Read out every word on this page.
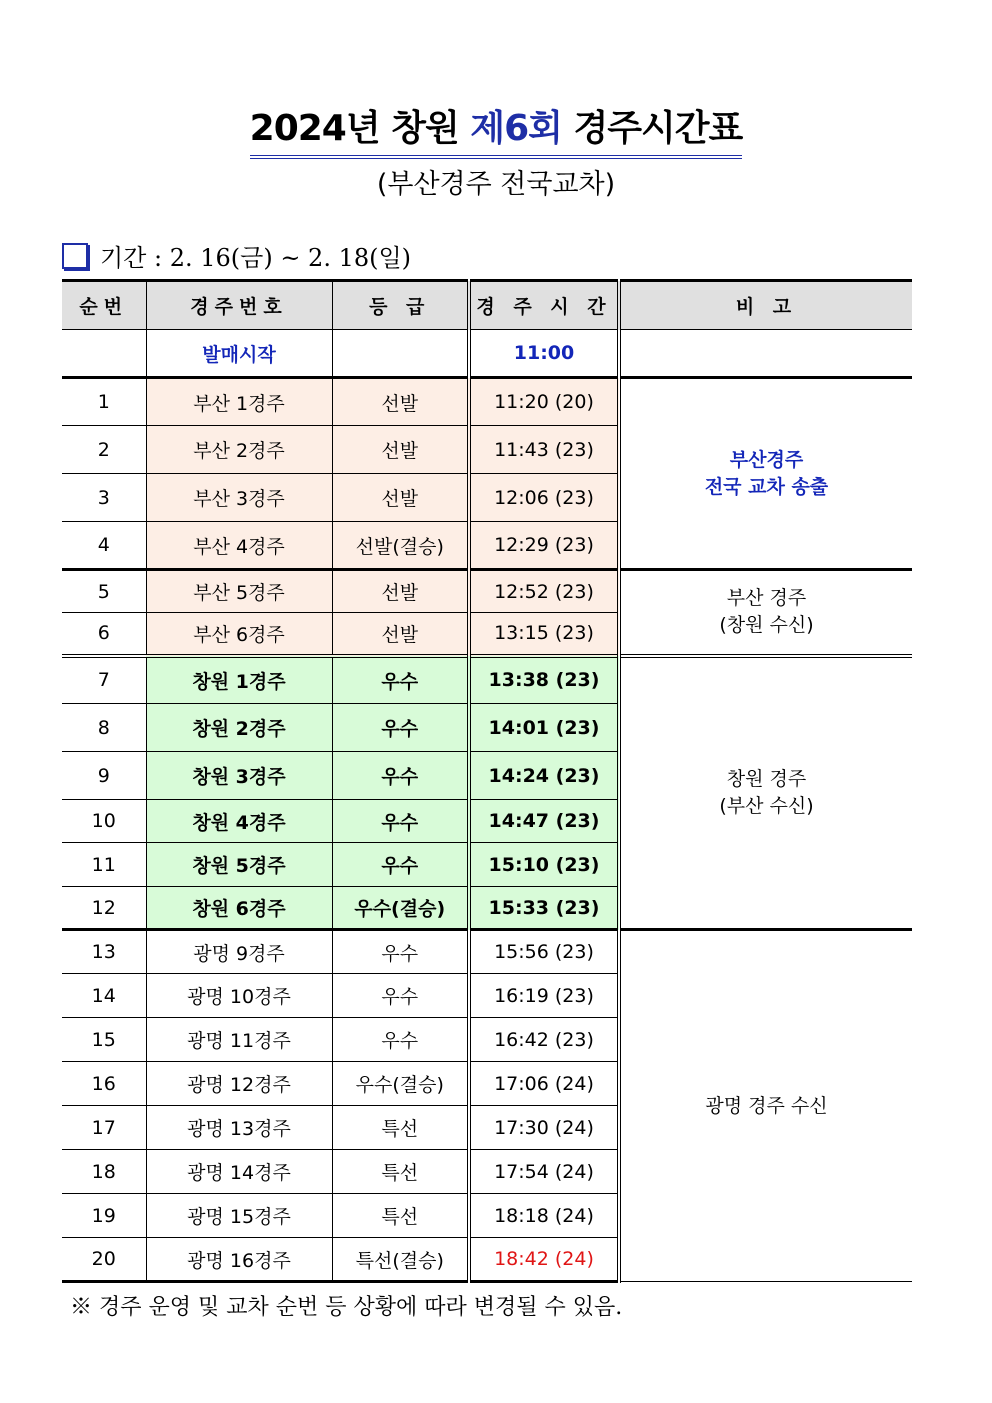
2024년 창원 제6회 경주시간표
(부산경주 전국교차)
기간 : 2. 16(금) ~ 2. 18(일)
순번	경주번호	등 급	경 주 시 간	비 고
	발매시작		11:00	
1	부산 1경주	선발	11:20 (20)	부산경주
전국 교차 송출

2	부산 2경주	선발	11:43 (23)	
3	부산 3경주	선발	12:06 (23)	
4	부산 4경주	선발(결승)	12:29 (23)	
5	부산 5경주	선발	12:52 (23)	부산 경주
(창원 수신)

6	부산 6경주	선발	13:15 (23)	
7	창원 1경주	우수	13:38 (23)	창원 경주
(부산 수신)

8	창원 2경주	우수	14:01 (23)	
9	창원 3경주	우수	14:24 (23)	
10	창원 4경주	우수	14:47 (23)	
11	창원 5경주	우수	15:10 (23)	
12	창원 6경주	우수(결승)	15:33 (23)	
13	광명 9경주	우수	15:56 (23)	광명 경주 수신
14	광명 10경주	우수	16:19 (23)	
15	광명 11경주	우수	16:42 (23)	
16	광명 12경주	우수(결승)	17:06 (24)	
17	광명 13경주	특선	17:30 (24)	
18	광명 14경주	특선	17:54 (24)	
19	광명 15경주	특선	18:18 (24)	
20	광명 16경주	특선(결승)	18:42 (24)	
※ 경주 운영 및 교차 순번 등 상황에 따라 변경될 수 있음.
